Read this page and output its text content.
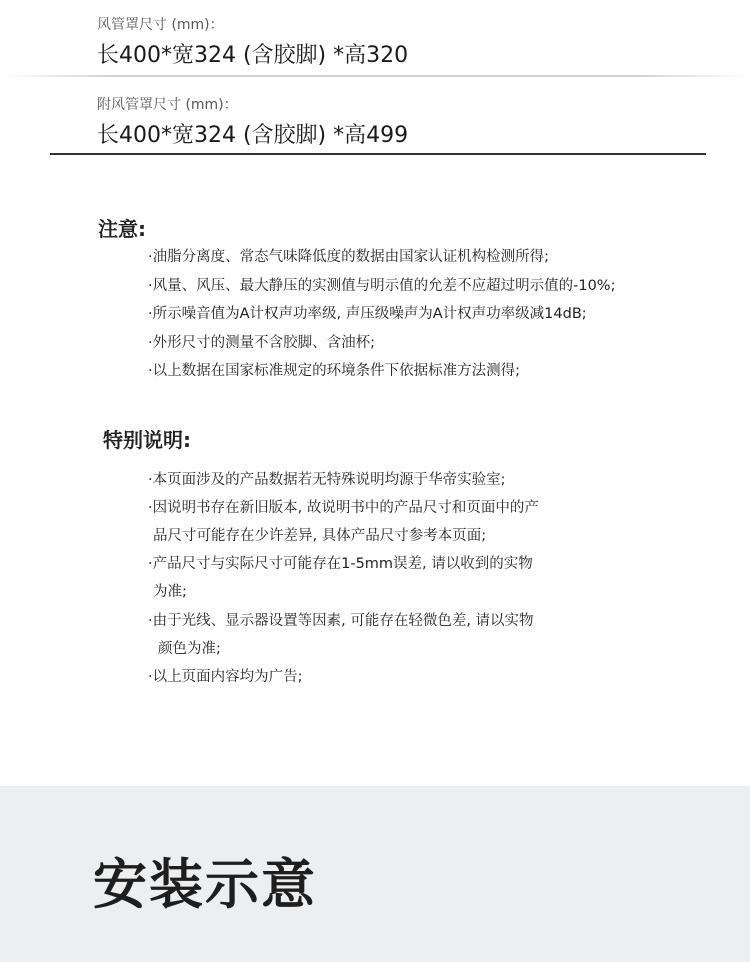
风管罩尺寸 (mm)：
长400*宽324 (含胶脚) *高320
附风管罩尺寸 (mm)：
长400*宽324 (含胶脚) *高499
注意:
·油脂分离度、常态气味降低度的数据由国家认证机构检测所得;
·风量、风压、最大静压的实测值与明示值的允差不应超过明示值的-10%;
·所示噪音值为A计权声功率级, 声压级噪声为A计权声功率级减14dB;
·外形尺寸的测量不含胶脚、含油杯;
·以上数据在国家标准规定的环境条件下依据标准方法测得;
特别说明:
·本页面涉及的产品数据若无特殊说明均源于华帝实验室;
·因说明书存在新旧版本, 故说明书中的产品尺寸和页面中的产
品尺寸可能存在少许差异, 具体产品尺寸参考本页面;
·产品尺寸与实际尺寸可能存在1-5mm误差, 请以收到的实物
为准;
·由于光线、显示器设置等因素, 可能存在轻微色差, 请以实物
颜色为准;
·以上页面内容均为广告;
安装示意
